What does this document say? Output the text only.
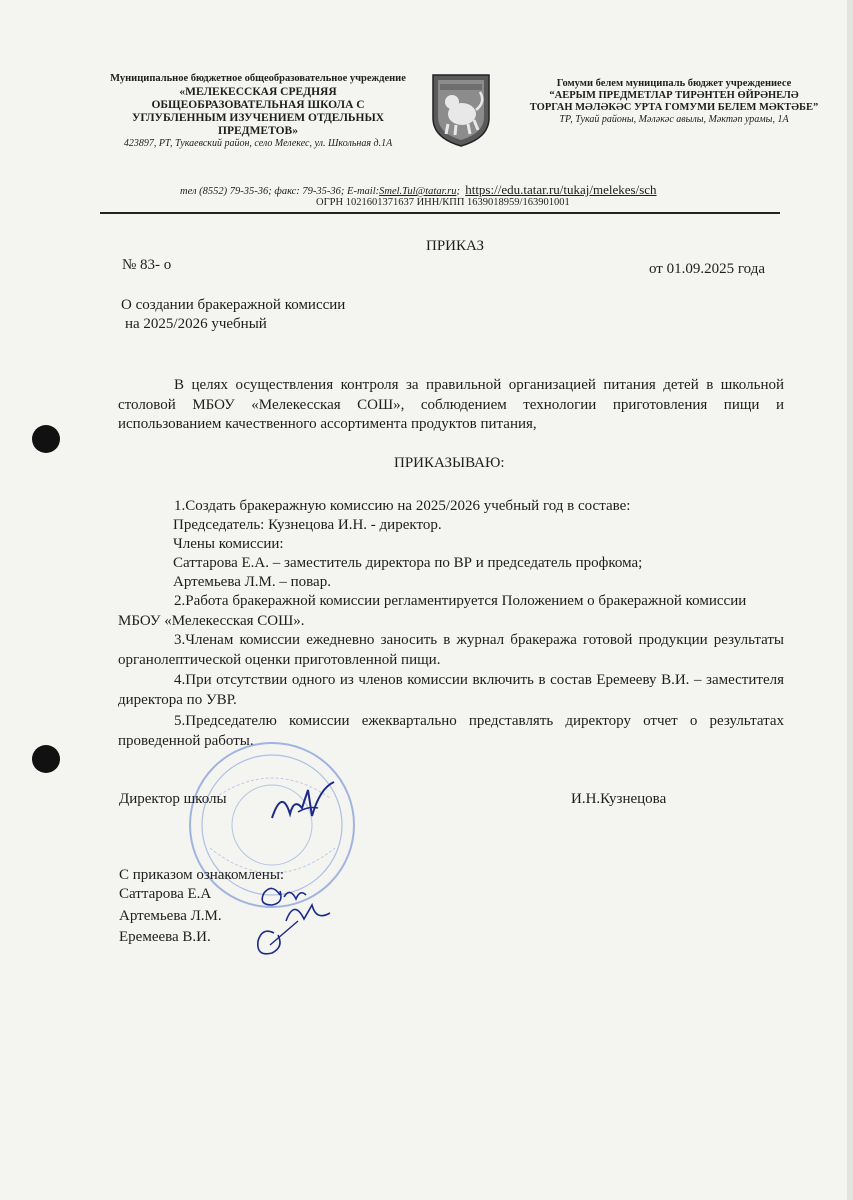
Муниципальное бюджетное общеобразовательное учреждение
«МЕЛЕКЕССКАЯ СРЕДНЯЯ ОБЩЕОБРАЗОВАТЕЛЬНАЯ ШКОЛА С УГЛУБЛЕННЫМ ИЗУЧЕНИЕМ ОТДЕЛЬНЫХ ПРЕДМЕТОВ»
423897, РТ, Тукаевский район, село Мелекес, ул. Школьная д.1А
Гомуми белем муниципаль бюджет учреждениесе
“АЕРЫМ ПРЕДМЕТЛАР ТИРӘНТЕН ӨЙРӘНЕЛӘ
ТОРГАН МӘЛӘКӘС УРТА ГОМУМИ БЕЛЕМ МӘКТӘБЕ”
ТР, Тукай районы, Мәләкәс авылы, Мәктәп урамы, 1А
тел (8552) 79-35-36; факс: 79-35-36; E-mail:Smel.Tul@tatar.ru;  https://edu.tatar.ru/tukaj/melekes/sch
ОГРН 1021601371637 ИНН/КПП 1639018959/163901001
ПРИКАЗ
№ 83- о	от 01.09.2025 года
О создании бракеражной комиссии
на 2025/2026 учебный
В целях осуществления контроля за правильной организацией питания детей в школьной столовой МБОУ «Мелекесская СОШ», соблюдением технологии приготовления пищи и использованием качественного ассортимента продуктов питания,
ПРИКАЗЫВАЮ:
1.Создать бракеражную комиссию на 2025/2026 учебный год в составе:
Председатель: Кузнецова И.Н. - директор.
Члены комиссии:
Саттарова Е.А. – заместитель директора по ВР и председатель профкома;
Артемьева Л.М. – повар.
2.Работа бракеражной комиссии регламентируется Положением о бракеражной комиссии МБОУ «Мелекесская СОШ».
3.Членам комиссии ежедневно заносить в журнал бракеража готовой продукции результаты органолептической оценки приготовленной пищи.
4.При отсутствии одного из членов комиссии включить в состав Еремееву В.И. – заместителя директора по УВР.
5.Председателю комиссии ежеквартально представлять директору отчет о результатах проведенной работы.
Директор школы	И.Н.Кузнецова
С приказом ознакомлены:
Саттарова Е.А
Артемьева Л.М.
Еремеева В.И.
